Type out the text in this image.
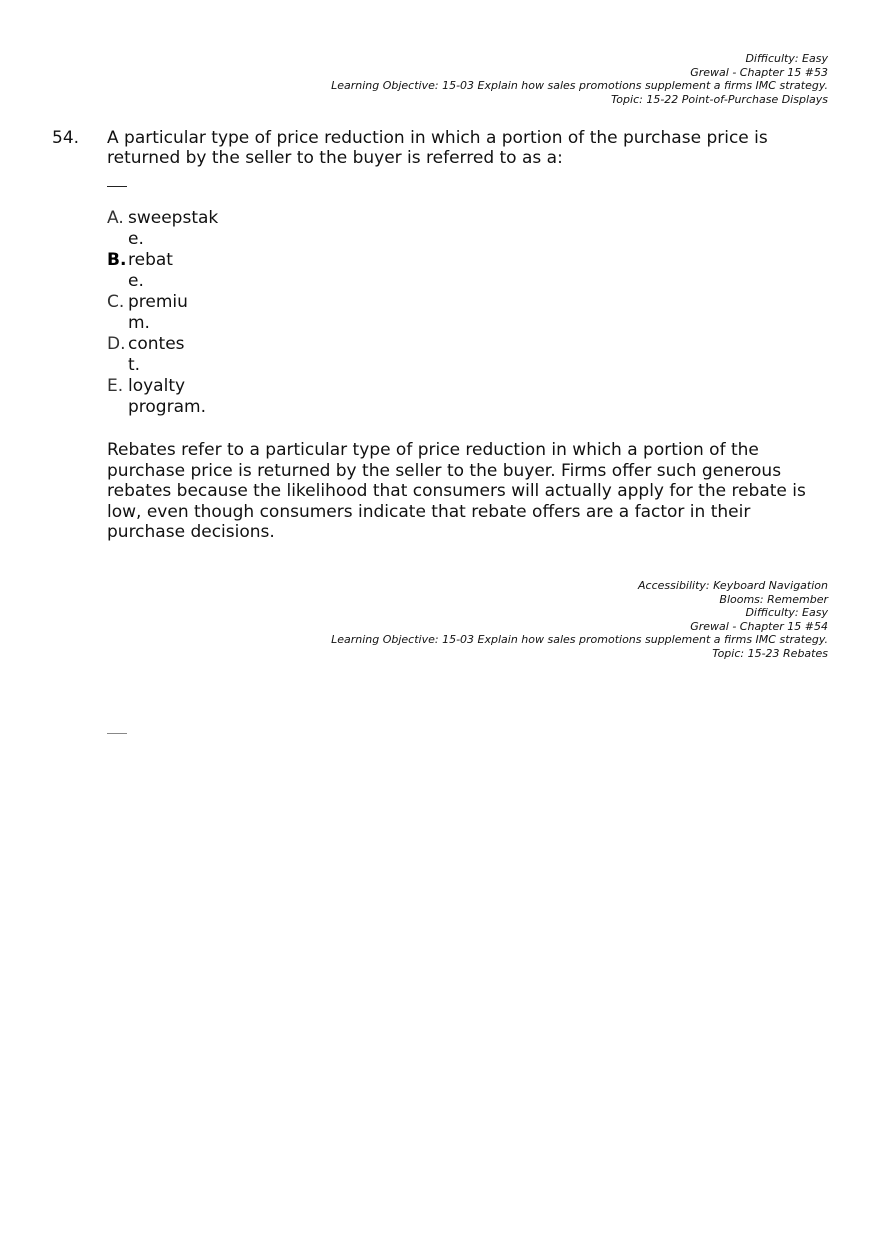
Difficulty: Easy
Grewal - Chapter 15 #53
Learning Objective: 15-03 Explain how sales promotions supplement a firms IMC strategy.
Topic: 15-22 Point-of-Purchase Displays
54. A particular type of price reduction in which a portion of the purchase price is returned by the seller to the buyer is referred to as a:
A. sweepstak
e.
B. rebat
e.
C. premiu
m.
D. contes
t.
E. loyalty
program.
Rebates refer to a particular type of price reduction in which a portion of the purchase price is returned by the seller to the buyer. Firms offer such generous rebates because the likelihood that consumers will actually apply for the rebate is low, even though consumers indicate that rebate offers are a factor in their purchase decisions.
Accessibility: Keyboard Navigation
Blooms: Remember
Difficulty: Easy
Grewal - Chapter 15 #54
Learning Objective: 15-03 Explain how sales promotions supplement a firms IMC strategy.
Topic: 15-23 Rebates
